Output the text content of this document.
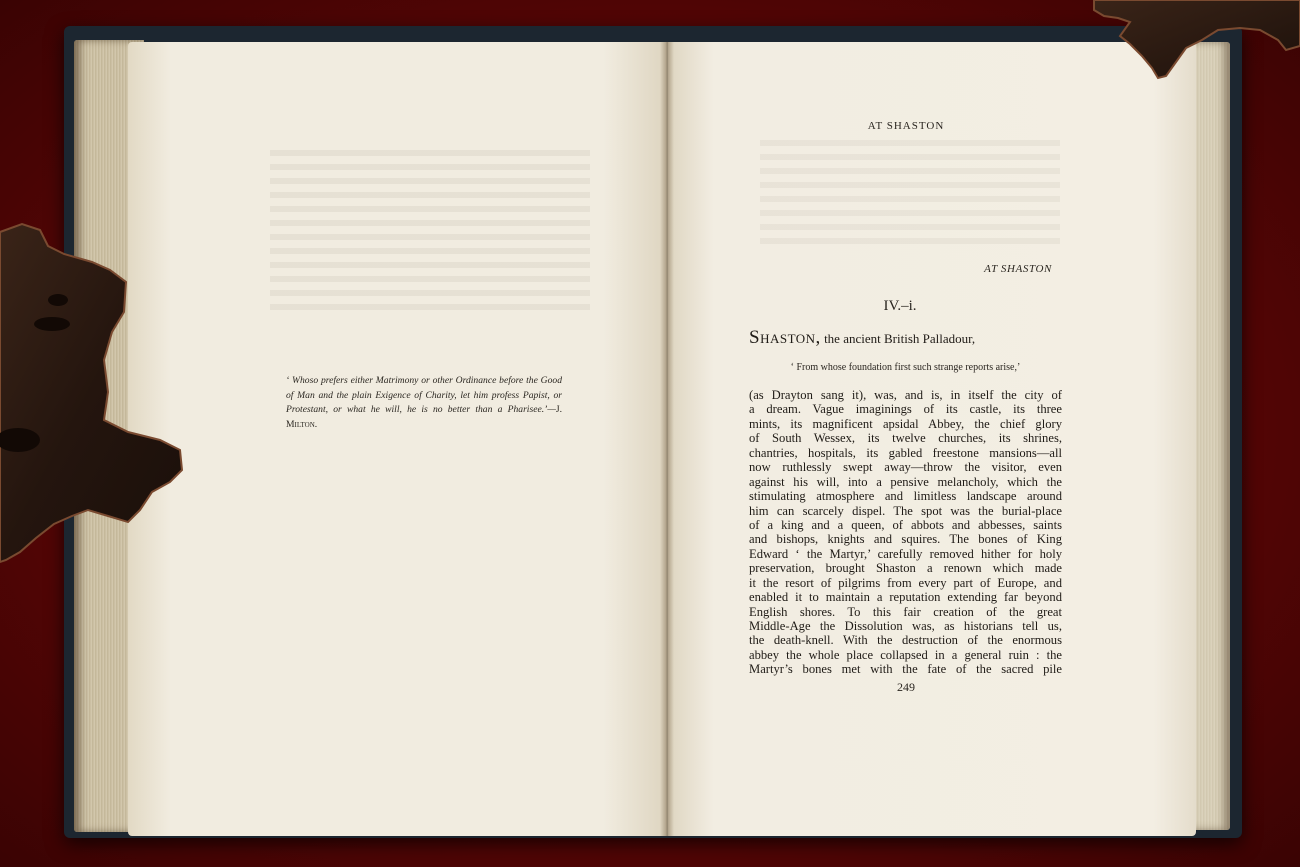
‘ Whoso prefers either Matrimony or other Ordinance before the Good of Man and the plain Exigence of Charity, let him profess Papist, or Protestant, or what he will, he is no better than a Pharisee.’—J. Milton.
AT SHASTON
AT SHASTON
IV.–i.
Shaston, the ancient British Palladour,
‘ From whose foundation first such strange reports arise,’
(as Drayton sang it), was, and is, in itself the city of
a dream. Vague imaginings of its castle, its three
mints, its magnificent apsidal Abbey, the chief glory
of South Wessex, its twelve churches, its shrines,
chantries, hospitals, its gabled freestone mansions—all
now ruthlessly swept away—throw the visitor, even
against his will, into a pensive melancholy, which the
stimulating atmosphere and limitless landscape around
him can scarcely dispel. The spot was the burial-place
of a king and a queen, of abbots and abbesses, saints
and bishops, knights and squires. The bones of King
Edward ‘ the Martyr,’ carefully removed hither for holy
preservation, brought Shaston a renown which made
it the resort of pilgrims from every part of Europe, and
enabled it to maintain a reputation extending far beyond
English shores. To this fair creation of the great
Middle-Age the Dissolution was, as historians tell us,
the death-knell. With the destruction of the enormous
abbey the whole place collapsed in a general ruin : the
Martyr’s bones met with the fate of the sacred pile
249
